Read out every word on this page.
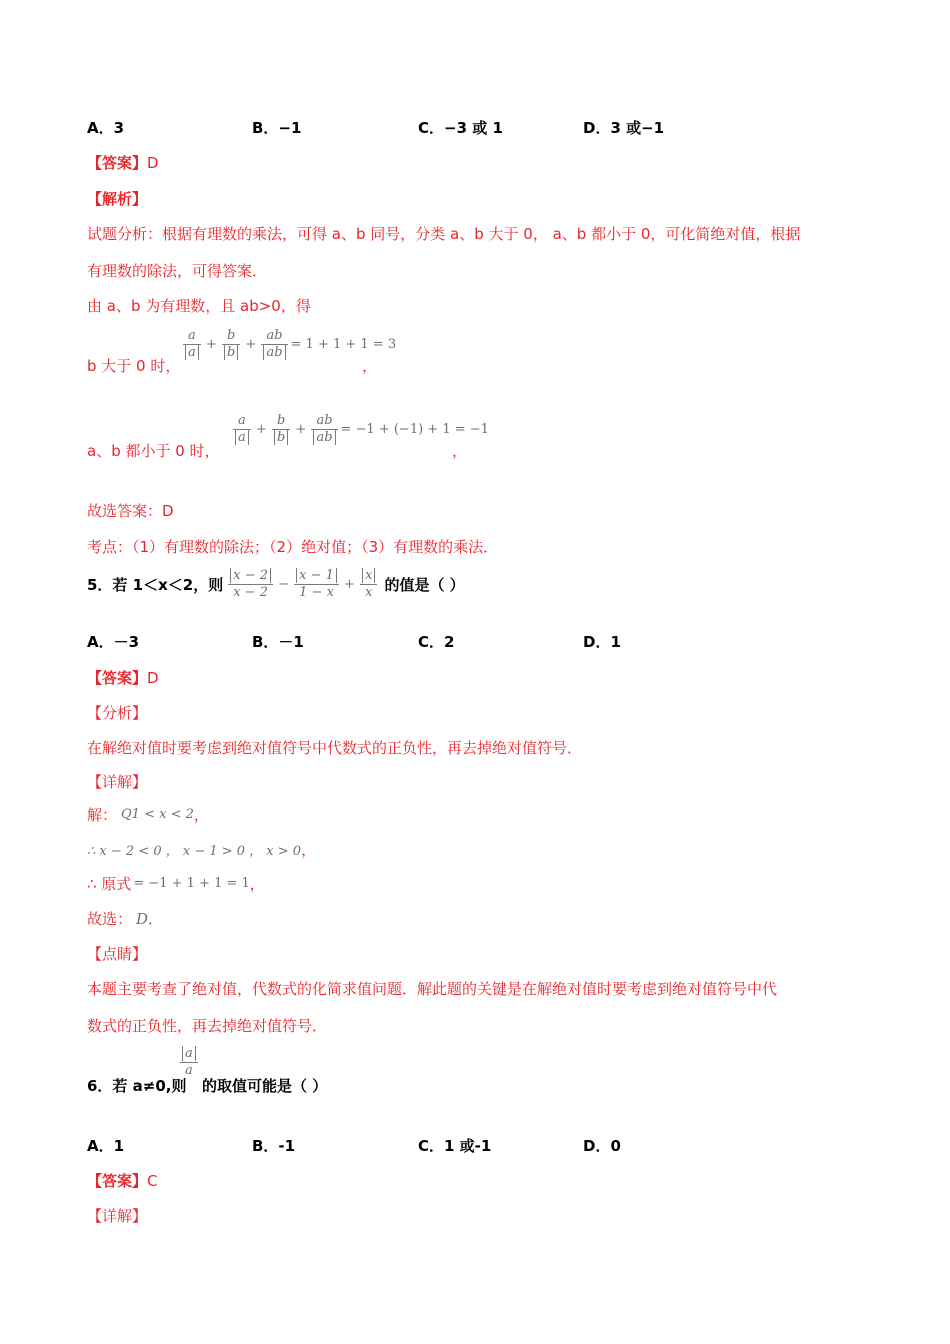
A．3	B．−1	C．−3 或 1	D．3 或−1
【答案】D
【解析】
试题分析：根据有理数的乘法，可得 a、b 同号，分类 a、b 大于 0， a、b 都小于 0，可化简绝对值，根据
有理数的除法，可得答案．
由 a、b 为有理数，且 ab>0，得
b 大于 0 时，
$\frac{a}{a} + \frac{b}{b} + \frac{ab}{ab} = 1 + 1 + 1 = 3$
，
a、b 都小于 0 时，
$\frac{a}{a} + \frac{b}{b} + \frac{ab}{ab} = -1 + (-1) + 1 = -1$
，
故选答案：D
考点：（1）有理数的除法；（2）绝对值；（3）有理数的乘法．
5．若 1＜x＜2，则 $\frac{x - 2}{x - 2} - \frac{x - 1}{1 - x} + \frac{x}{x}$ 的值是（ ）
A．－3	B．－1	C．2	D．1
【答案】D
【分析】
在解绝对值时要考虑到绝对值符号中代数式的正负性，再去掉绝对值符号．
【详解】
解： Q1 < x < 2 ，
∴ x − 2 < 0 ， x − 1 > 0 ， x > 0 ，
∴ 原式 = −1 + 1 + 1 = 1 ，
故选： D ．
【点睛】
本题主要考查了绝对值，代数式的化简求值问题．解此题的关键是在解绝对值时要考虑到绝对值符号中代
数式的正负性，再去掉绝对值符号．
6．若 a≠0,则
$\frac{a}{a}$
的取值可能是（ ）
A．1	B．-1	C．1 或-1	D．0
【答案】C
【详解】
